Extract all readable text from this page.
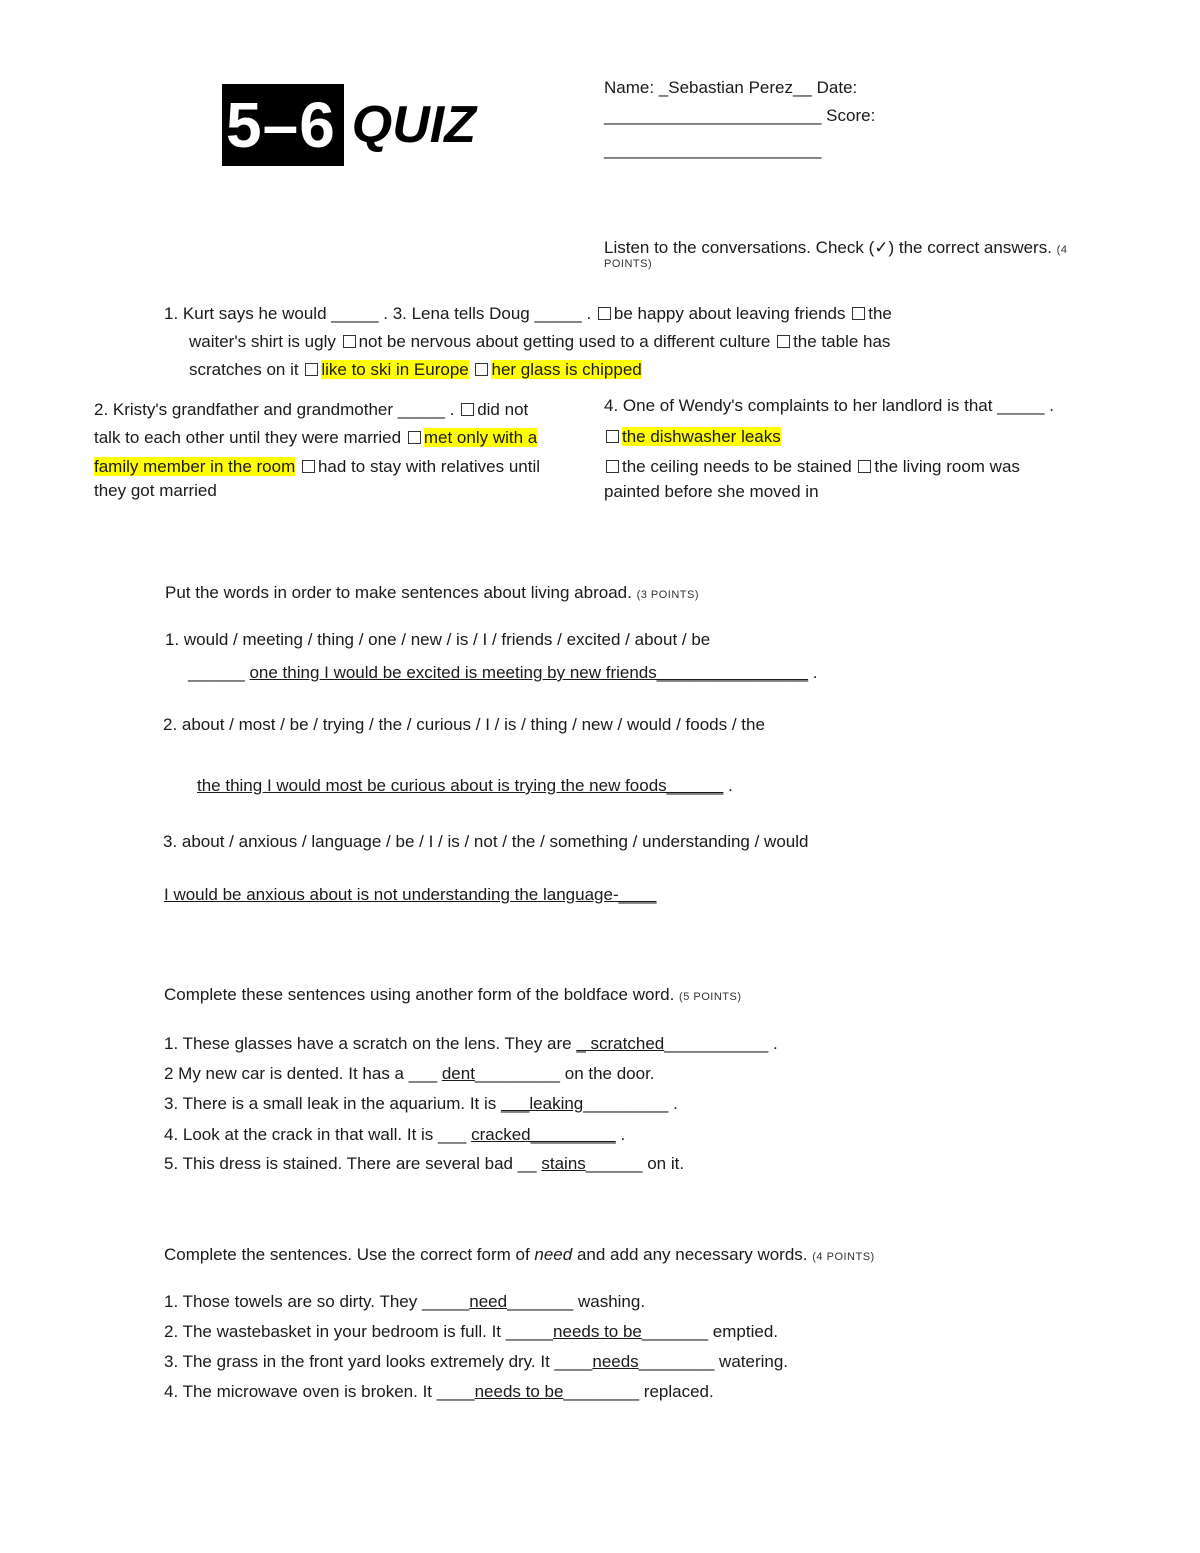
5–6 QUIZ
Name: _Sebastian Perez__ Date:
_______________________ Score:
_______________________
Listen to the conversations. Check (✓) the correct answers. (4
POINTS)
1. Kurt says he would _____ . 3. Lena tells Doug _____ . be happy about leaving friends the
waiter's shirt is ugly not be nervous about getting used to a different culture the table has
scratches on it like to ski in Europe her glass is chipped
2. Kristy's grandfather and grandmother _____ . did not
talk to each other until they were married met only with a
family member in the room had to stay with relatives until
they got married
4. One of Wendy's complaints to her landlord is that _____ .
the dishwasher leaks
the ceiling needs to be stained the living room was
painted before she moved in
Put the words in order to make sentences about living abroad. (3 POINTS)
1. would / meeting / thing / one / new / is / I / friends / excited / about / be
______ one thing I would be excited is meeting by new friends________________ .
2. about / most / be / trying / the / curious / I / is / thing / new / would / foods / the
the thing I would most be curious about is trying the new foods______ .
3. about / anxious / language / be / I / is / not / the / something / understanding / would
I would be anxious about is not understanding the language-____
Complete these sentences using another form of the boldface word. (5 POINTS)
1. These glasses have a scratch on the lens. They are _ scratched___________ .
2 My new car is dented. It has a ___ dent_________ on the door.
3. There is a small leak in the aquarium. It is ___leaking_________ .
4. Look at the crack in that wall. It is ___ cracked_________ .
5. This dress is stained. There are several bad __ stains______ on it.
Complete the sentences. Use the correct form of need and add any necessary words. (4 POINTS)
1. Those towels are so dirty. They _____need_______ washing.
2. The wastebasket in your bedroom is full. It _____needs to be_______ emptied.
3. The grass in the front yard looks extremely dry. It ____needs________ watering.
4. The microwave oven is broken. It ____needs to be________ replaced.
